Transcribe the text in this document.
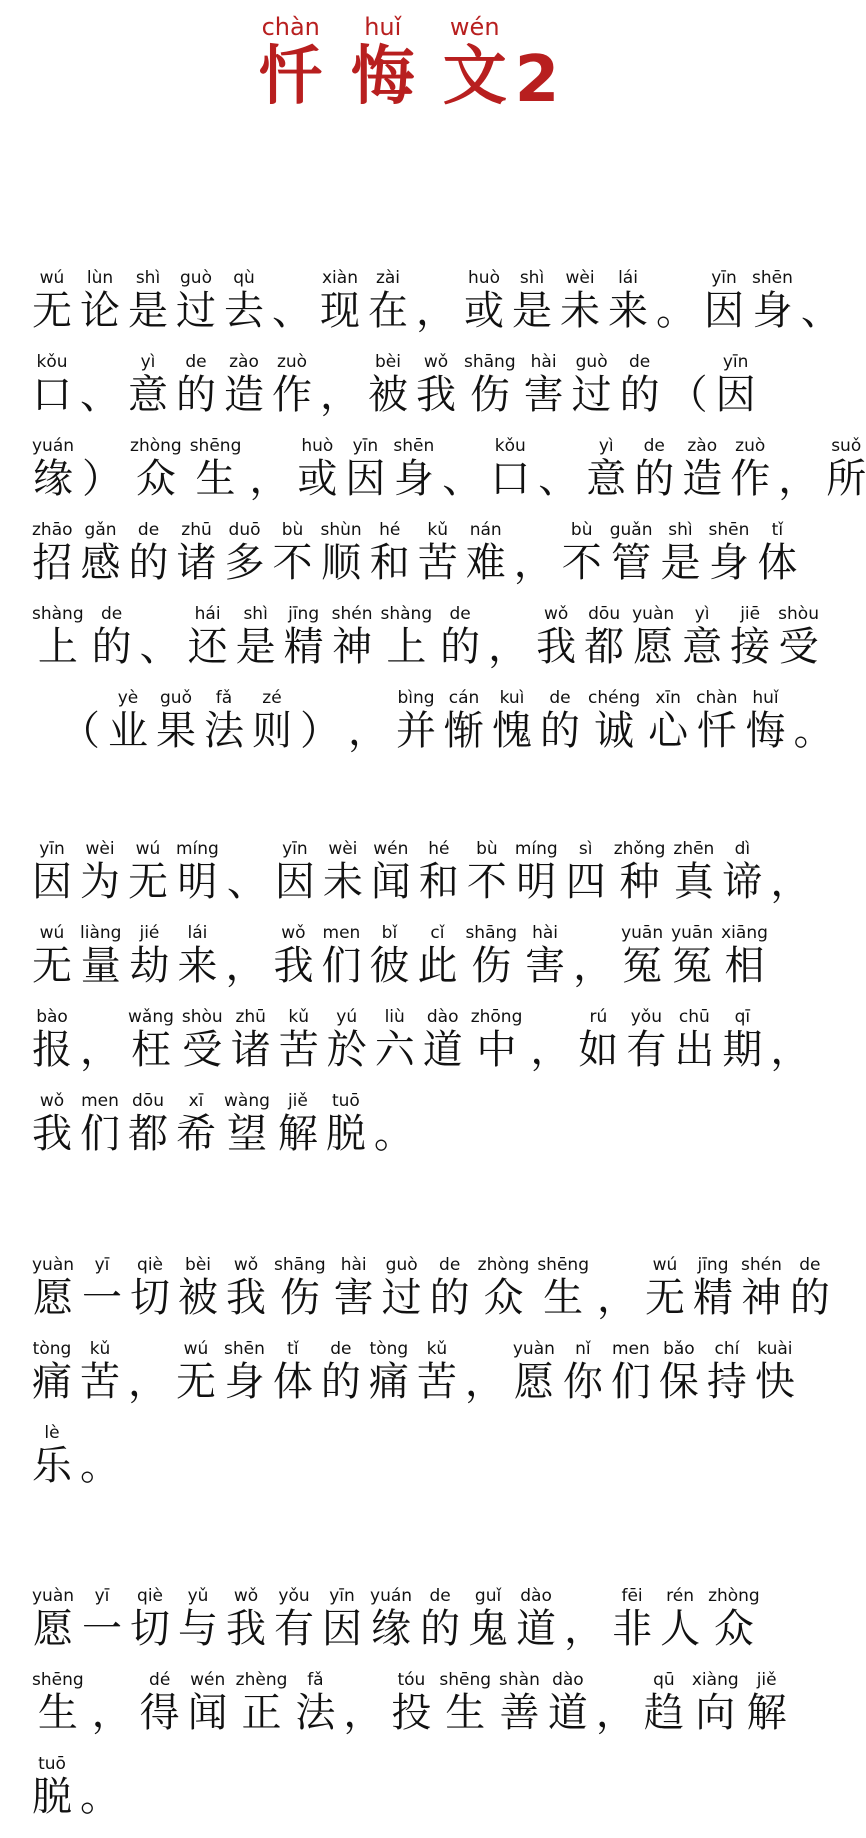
忏chàn
悔huǐ
文wén
2
无wú
论lùn
是shì
过guò
去qù
、 现xiàn
在zài
， 或huò
是shì
未wèi
来lái
。 因yīn
身shēn
、
口kǒu
、 意yì
的de
造zào
作zuò
， 被bèi
我wǒ
伤shāng
害hài
过guò
的de
（ 因yīn
缘yuán
） 众zhòng
生shēng
， 或huò
因yīn
身shēn
、 口kǒu
、 意yì
的de
造zào
作zuò
， 所suǒ
招zhāo
感gǎn
的de
诸zhū
多duō
不bù
顺shùn
和hé
苦kǔ
难nán
， 不bù
管guǎn
是shì
身shēn
体tǐ
上shàng
的de
、 还hái
是shì
精jīng
神shén
上shàng
的de
， 我wǒ
都dōu
愿yuàn
意yì
接jiē
受shòu
（ 业yè
果guǒ
法fǎ
则zé
） ， 并bìng
惭cán
愧kuì
的de
诚chéng
心xīn
忏chàn
悔huǐ
。
因yīn
为wèi
无wú
明míng
、 因yīn
未wèi
闻wén
和hé
不bù
明míng
四sì
种zhǒng
真zhēn
谛dì
，
无wú
量liàng
劫jié
来lái
， 我wǒ
们men
彼bǐ
此cǐ
伤shāng
害hài
， 冤yuān
冤yuān
相xiāng
报bào
， 枉wǎng
受shòu
诸zhū
苦kǔ
於yú
六liù
道dào
中zhōng
， 如rú
有yǒu
出chū
期qī
，
我wǒ
们men
都dōu
希xī
望wàng
解jiě
脱tuō
。
愿yuàn
一yī
切qiè
被bèi
我wǒ
伤shāng
害hài
过guò
的de
众zhòng
生shēng
， 无wú
精jīng
神shén
的de
痛tòng
苦kǔ
， 无wú
身shēn
体tǐ
的de
痛tòng
苦kǔ
， 愿yuàn
你nǐ
们men
保bǎo
持chí
快kuài
乐lè
。
愿yuàn
一yī
切qiè
与yǔ
我wǒ
有yǒu
因yīn
缘yuán
的de
鬼guǐ
道dào
， 非fēi
人rén
众zhòng
生shēng
， 得dé
闻wén
正zhèng
法fǎ
， 投tóu
生shēng
善shàn
道dào
， 趋qū
向xiàng
解jiě
脱tuō
。
